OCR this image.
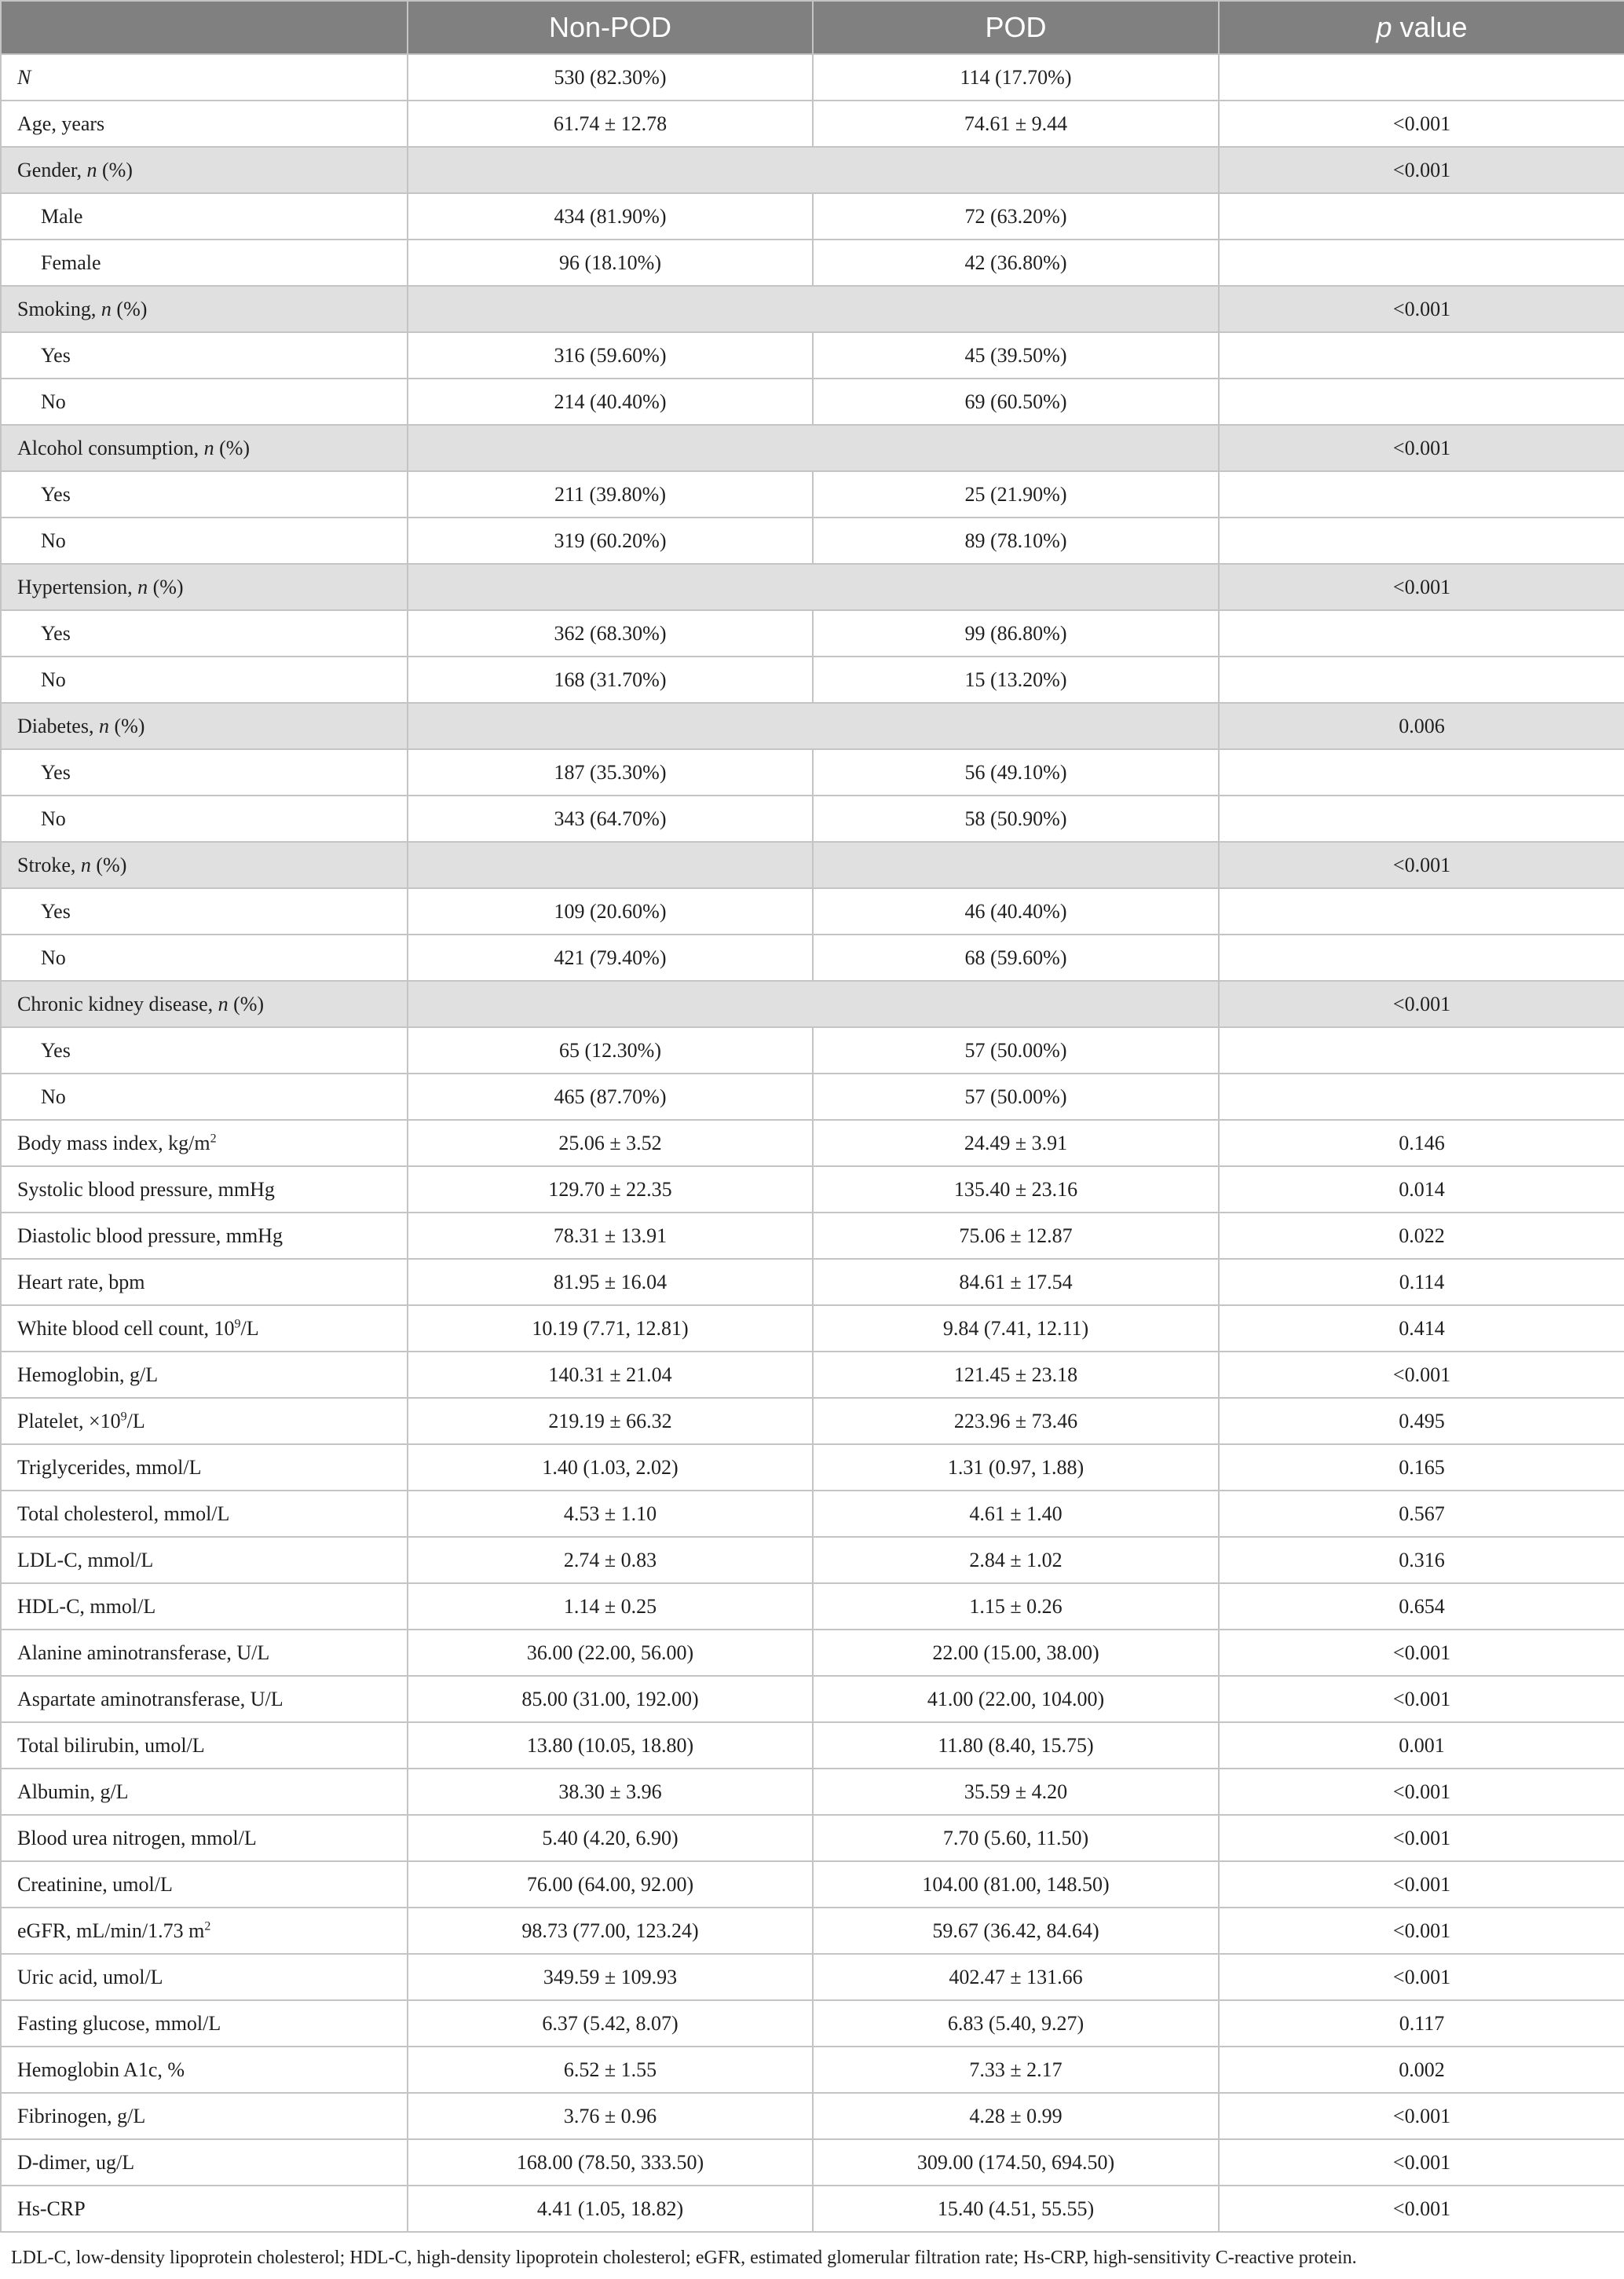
	Non-POD	POD	p value
N	530 (82.30%)	114 (17.70%)	
Age, years	61.74 ± 12.78	74.61 ± 9.44	<0.001
Gender, n (%)			<0.001
Male	434 (81.90%)	72 (63.20%)	
Female	96 (18.10%)	42 (36.80%)	
Smoking, n (%)			<0.001
Yes	316 (59.60%)	45 (39.50%)	
No	214 (40.40%)	69 (60.50%)	
Alcohol consumption, n (%)			<0.001
Yes	211 (39.80%)	25 (21.90%)	
No	319 (60.20%)	89 (78.10%)	
Hypertension, n (%)			<0.001
Yes	362 (68.30%)	99 (86.80%)	
No	168 (31.70%)	15 (13.20%)	
Diabetes, n (%)			0.006
Yes	187 (35.30%)	56 (49.10%)	
No	343 (64.70%)	58 (50.90%)	
Stroke, n (%)			<0.001
Yes	109 (20.60%)	46 (40.40%)	
No	421 (79.40%)	68 (59.60%)	
Chronic kidney disease, n (%)			<0.001
Yes	65 (12.30%)	57 (50.00%)	
No	465 (87.70%)	57 (50.00%)	
Body mass index, $kg/m^2$	25.06 ± 3.52	24.49 ± 3.91	0.146
Systolic blood pressure, mmHg	129.70 ± 22.35	135.40 ± 23.16	0.014
Diastolic blood pressure, mmHg	78.31 ± 13.91	75.06 ± 12.87	0.022
Heart rate, bpm	81.95 ± 16.04	84.61 ± 17.54	0.114
White blood cell count, $10^9/L$	10.19 (7.71, 12.81)	9.84 (7.41, 12.11)	0.414
Hemoglobin, g/L	140.31 ± 21.04	121.45 ± 23.18	<0.001
Platelet, $\times 10^9/L$	219.19 ± 66.32	223.96 ± 73.46	0.495
Triglycerides, mmol/L	1.40 (1.03, 2.02)	1.31 (0.97, 1.88)	0.165
Total cholesterol, mmol/L	4.53 ± 1.10	4.61 ± 1.40	0.567
LDL-C, mmol/L	2.74 ± 0.83	2.84 ± 1.02	0.316
HDL-C, mmol/L	1.14 ± 0.25	1.15 ± 0.26	0.654
Alanine aminotransferase, U/L	36.00 (22.00, 56.00)	22.00 (15.00, 38.00)	<0.001
Aspartate aminotransferase, U/L	85.00 (31.00, 192.00)	41.00 (22.00, 104.00)	<0.001
Total bilirubin, umol/L	13.80 (10.05, 18.80)	11.80 (8.40, 15.75)	0.001
Albumin, g/L	38.30 ± 3.96	35.59 ± 4.20	<0.001
Blood urea nitrogen, mmol/L	5.40 (4.20, 6.90)	7.70 (5.60, 11.50)	<0.001
Creatinine, umol/L	76.00 (64.00, 92.00)	104.00 (81.00, 148.50)	<0.001
eGFR, mL/min/1.73 $m^2$	98.73 (77.00, 123.24)	59.67 (36.42, 84.64)	<0.001
Uric acid, umol/L	349.59 ± 109.93	402.47 ± 131.66	<0.001
Fasting glucose, mmol/L	6.37 (5.42, 8.07)	6.83 (5.40, 9.27)	0.117
Hemoglobin A1c, %	6.52 ± 1.55	7.33 ± 2.17	0.002
Fibrinogen, g/L	3.76 ± 0.96	4.28 ± 0.99	<0.001
D-dimer, ug/L	168.00 (78.50, 333.50)	309.00 (174.50, 694.50)	<0.001
Hs-CRP	4.41 (1.05, 18.82)	15.40 (4.51, 55.55)	<0.001
LDL-C, low-density lipoprotein cholesterol; HDL-C, high-density lipoprotein cholesterol; eGFR, estimated glomerular filtration rate; Hs-CRP, high-sensitivity C-reactive protein.
